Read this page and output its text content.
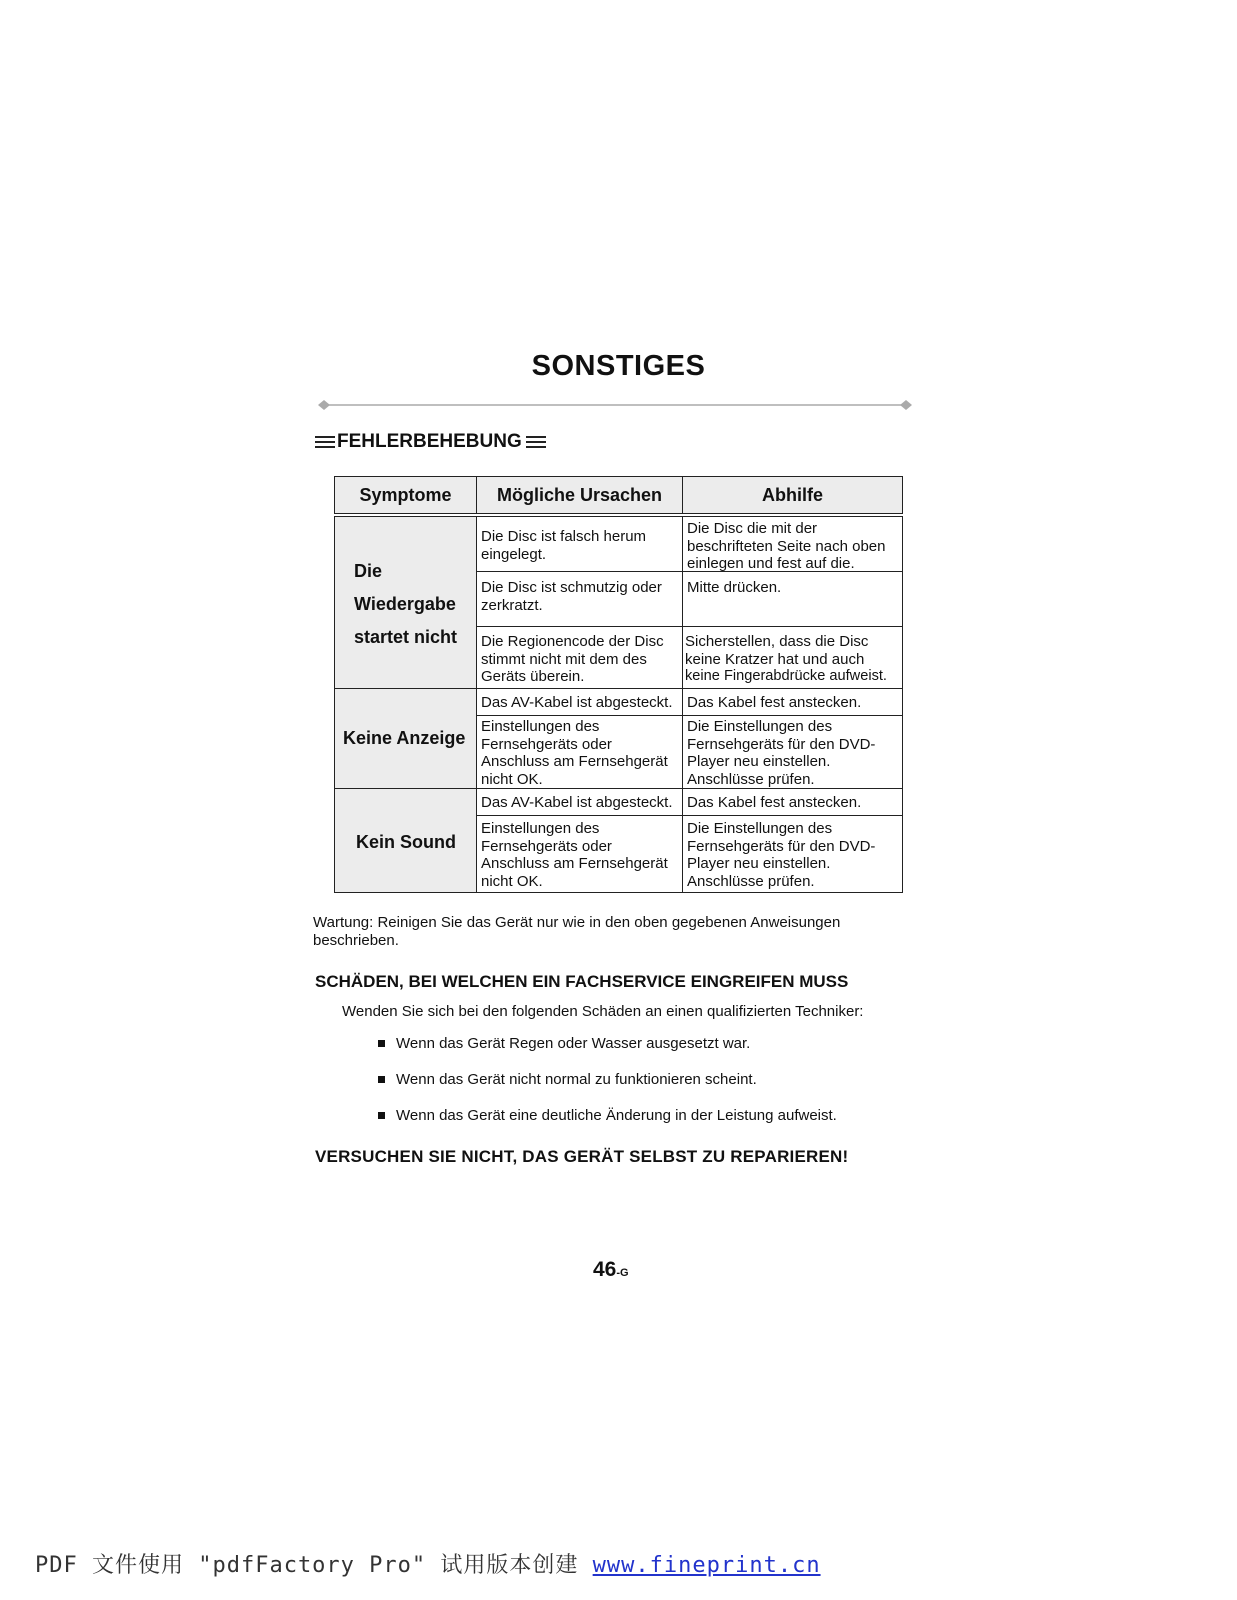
SONSTIGES
FEHLERBEHEBUNG
Symptome	Mögliche Ursachen	Abhilfe
Die
Wiedergabe
startet nicht
Keine Anzeige
Kein Sound
Die Disc ist falsch herum
eingelegt.
Die Disc ist schmutzig oder
zerkratzt.
Die Regionencode der Disc
stimmt nicht mit dem des
Geräts überein.
Das AV-Kabel ist abgesteckt.
Einstellungen des
Fernsehgeräts oder
Anschluss am Fernsehgerät
nicht OK.
Das AV-Kabel ist abgesteckt.
Einstellungen des
Fernsehgeräts oder
Anschluss am Fernsehgerät
nicht OK.
Die Disc die mit der
beschrifteten Seite nach oben
einlegen und fest auf die.
Mitte drücken.
Sicherstellen, dass die Disc
keine Kratzer hat und auch
keine Fingerabdrücke aufweist.
Das Kabel fest anstecken.
Die Einstellungen des
Fernsehgeräts für den DVD-
Player neu einstellen.
Anschlüsse prüfen.
Das Kabel fest anstecken.
Die Einstellungen des
Fernsehgeräts für den DVD-
Player neu einstellen.
Anschlüsse prüfen.
Wartung: Reinigen Sie das Gerät nur wie in den oben gegebenen Anweisungen
beschrieben.
SCHÄDEN, BEI WELCHEN EIN FACHSERVICE EINGREIFEN MUSS
Wenden Sie sich bei den folgenden Schäden an einen qualifizierten Techniker:
Wenn das Gerät Regen oder Wasser ausgesetzt war.
Wenn das Gerät nicht normal zu funktionieren scheint.
Wenn das Gerät eine deutliche Änderung in der Leistung aufweist.
VERSUCHEN SIE NICHT, DAS GERÄT SELBST ZU REPARIEREN!
46-G
PDF 文件使用 "pdfFactory Pro" 试用版本创建 www.fineprint.cn
